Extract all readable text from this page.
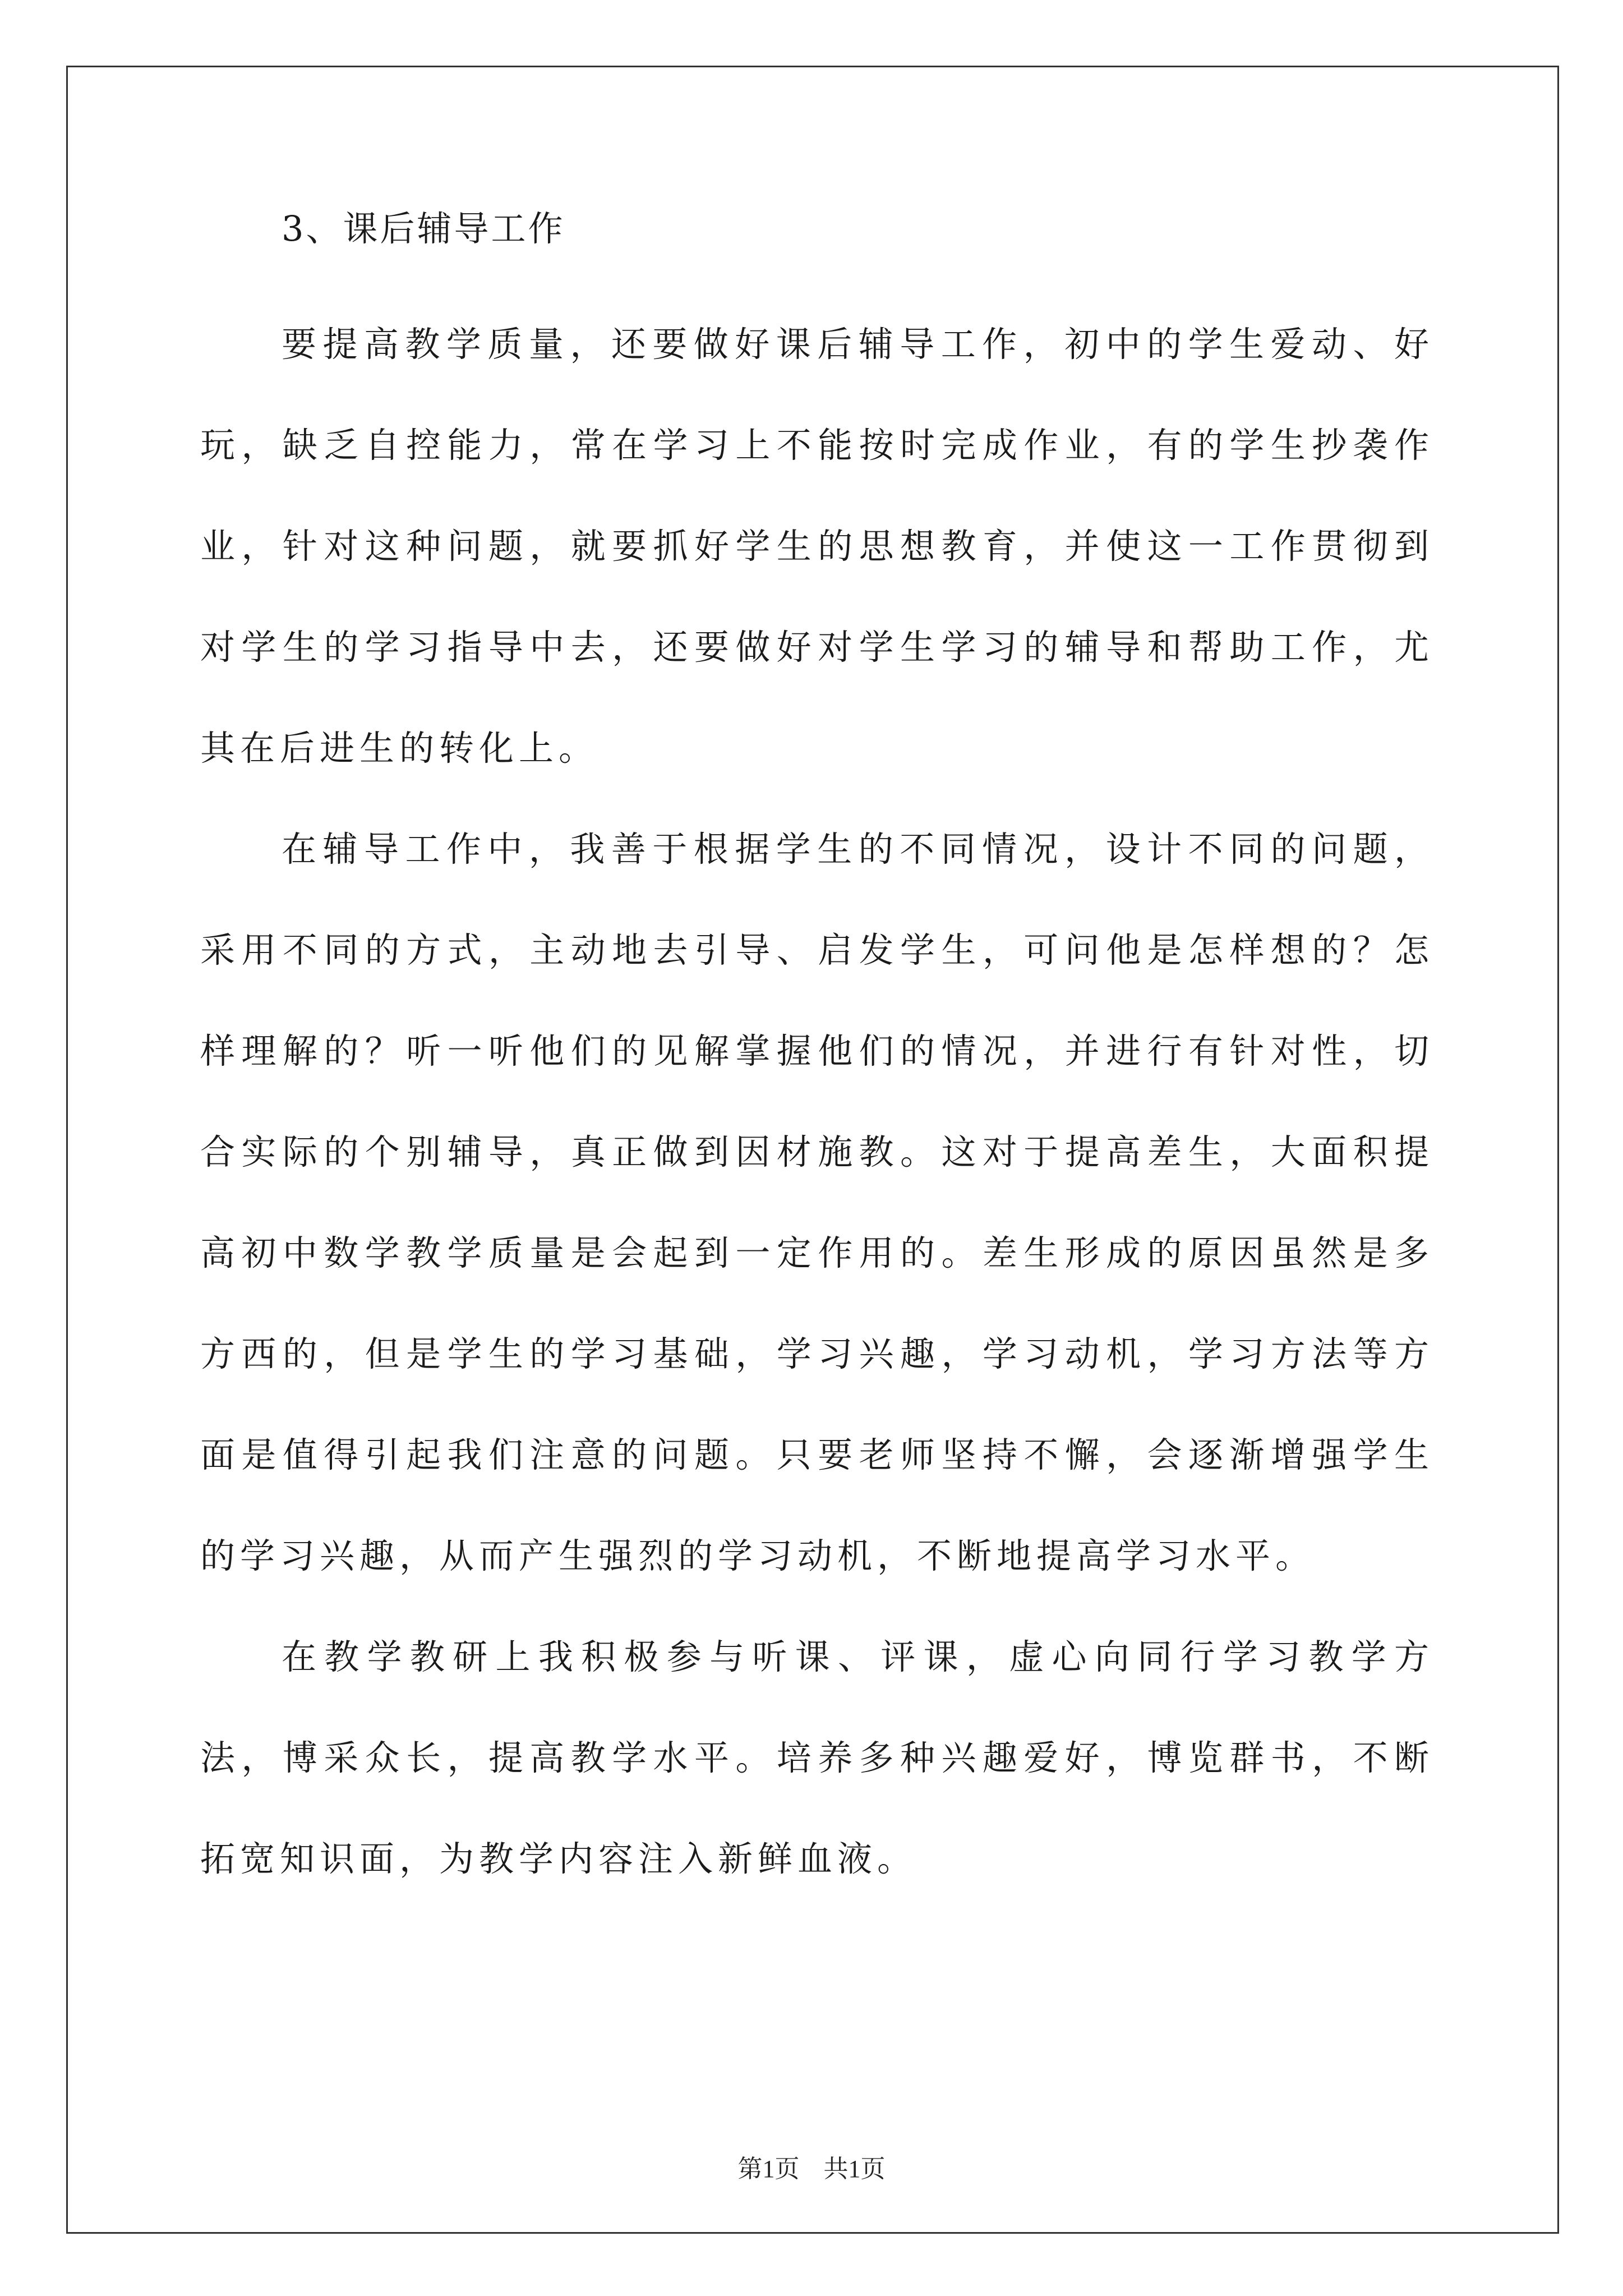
3、课后辅导工作

要提高教学质量，还要做好课后辅导工作，初中的学生爱动、好玩，缺乏自控能力，常在学习上不能按时完成作业，有的学生抄袭作业，针对这种问题，就要抓好学生的思想教育，并使这一工作贯彻到对学生的学习指导中去，还要做好对学生学习的辅导和帮助工作，尤其在后进生的转化上。

在辅导工作中，我善于根据学生的不同情况，设计不同的问题，采用不同的方式，主动地去引导、启发学生，可问他是怎样想的？怎样理解的？听一听他们的见解掌握他们的情况，并进行有针对性，切合实际的个别辅导，真正做到因材施教。这对于提高差生，大面积提高初中数学教学质量是会起到一定作用的。差生形成的原因虽然是多方西的，但是学生的学习基础，学习兴趣，学习动机，学习方法等方面是值得引起我们注意的问题。只要老师坚持不懈，会逐渐增强学生的学习兴趣，从而产生强烈的学习动机，不断地提高学习水平。

在教学教研上我积极参与听课、评课，虚心向同行学习教学方法，博采众长，提高教学水平。培养多种兴趣爱好，博览群书，不断拓宽知识面，为教学内容注入新鲜血液。

第1页 共1页
